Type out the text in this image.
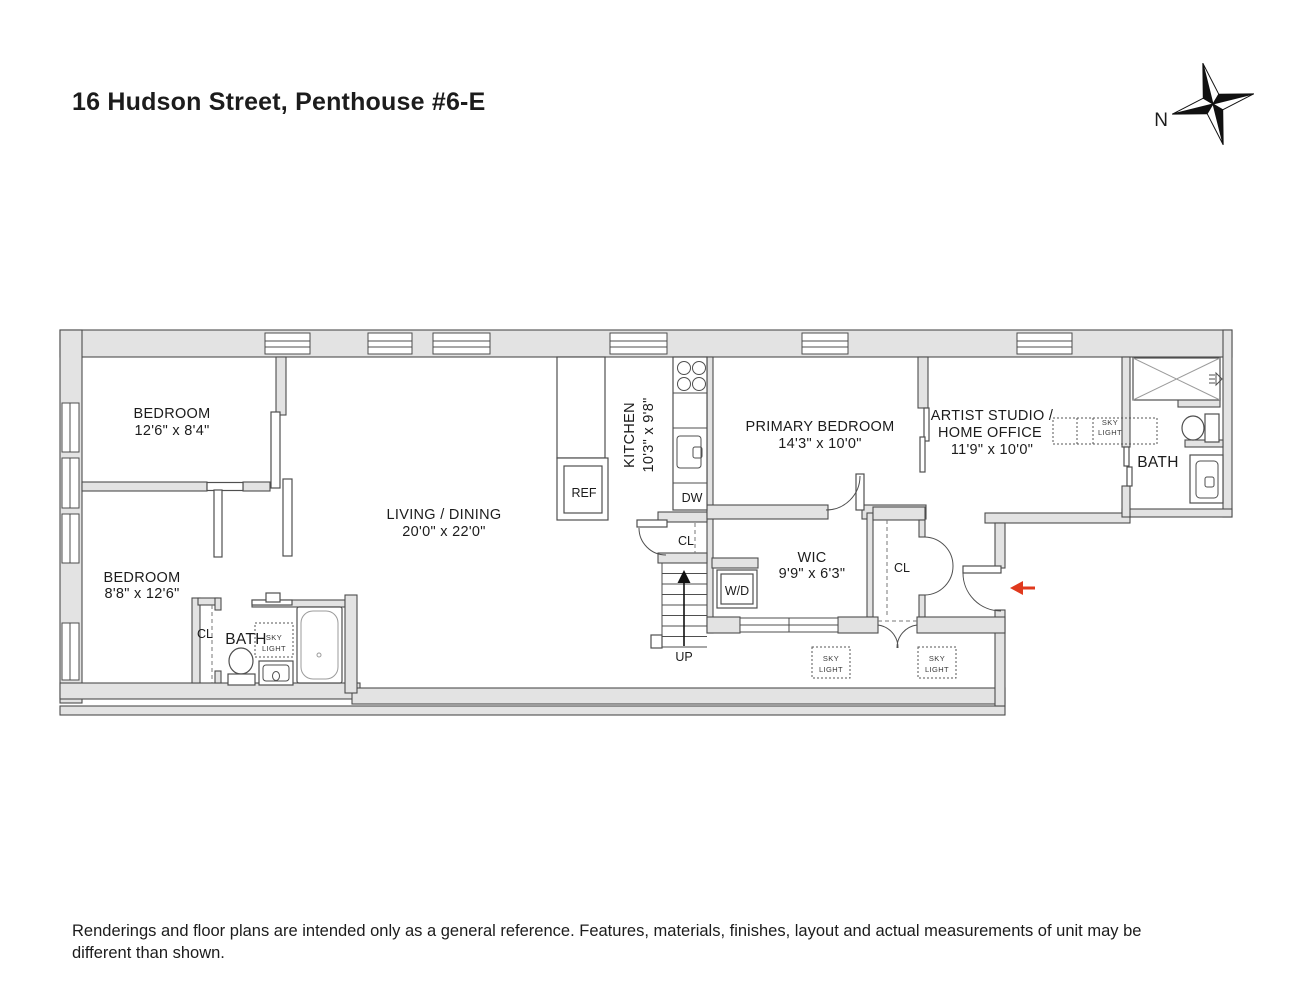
16 Hudson Street, Penthouse #6-E
N
SKY
LIGHT
SKY
LIGHT
SKY
LIGHT
SKY
LIGHT
BEDROOM
12'6" x 8'4"
BEDROOM
8'8" x 12'6"
LIVING / DINING
20'0" x 22'0"
KITCHEN 10'3" x 9'8"	PRIMARY BEDROOM
14'3" x 10'0"
ARTIST STUDIO /
HOME OFFICE
11'9" x 10'0"
WIC
9'9" x 6'3"
BATH
BATH
REF	DW
CL
CL
CL
W/D
UP
Renderings and floor plans are intended only as a general reference. Features, materials, finishes, layout and actual measurements of unit may be
different than shown.
